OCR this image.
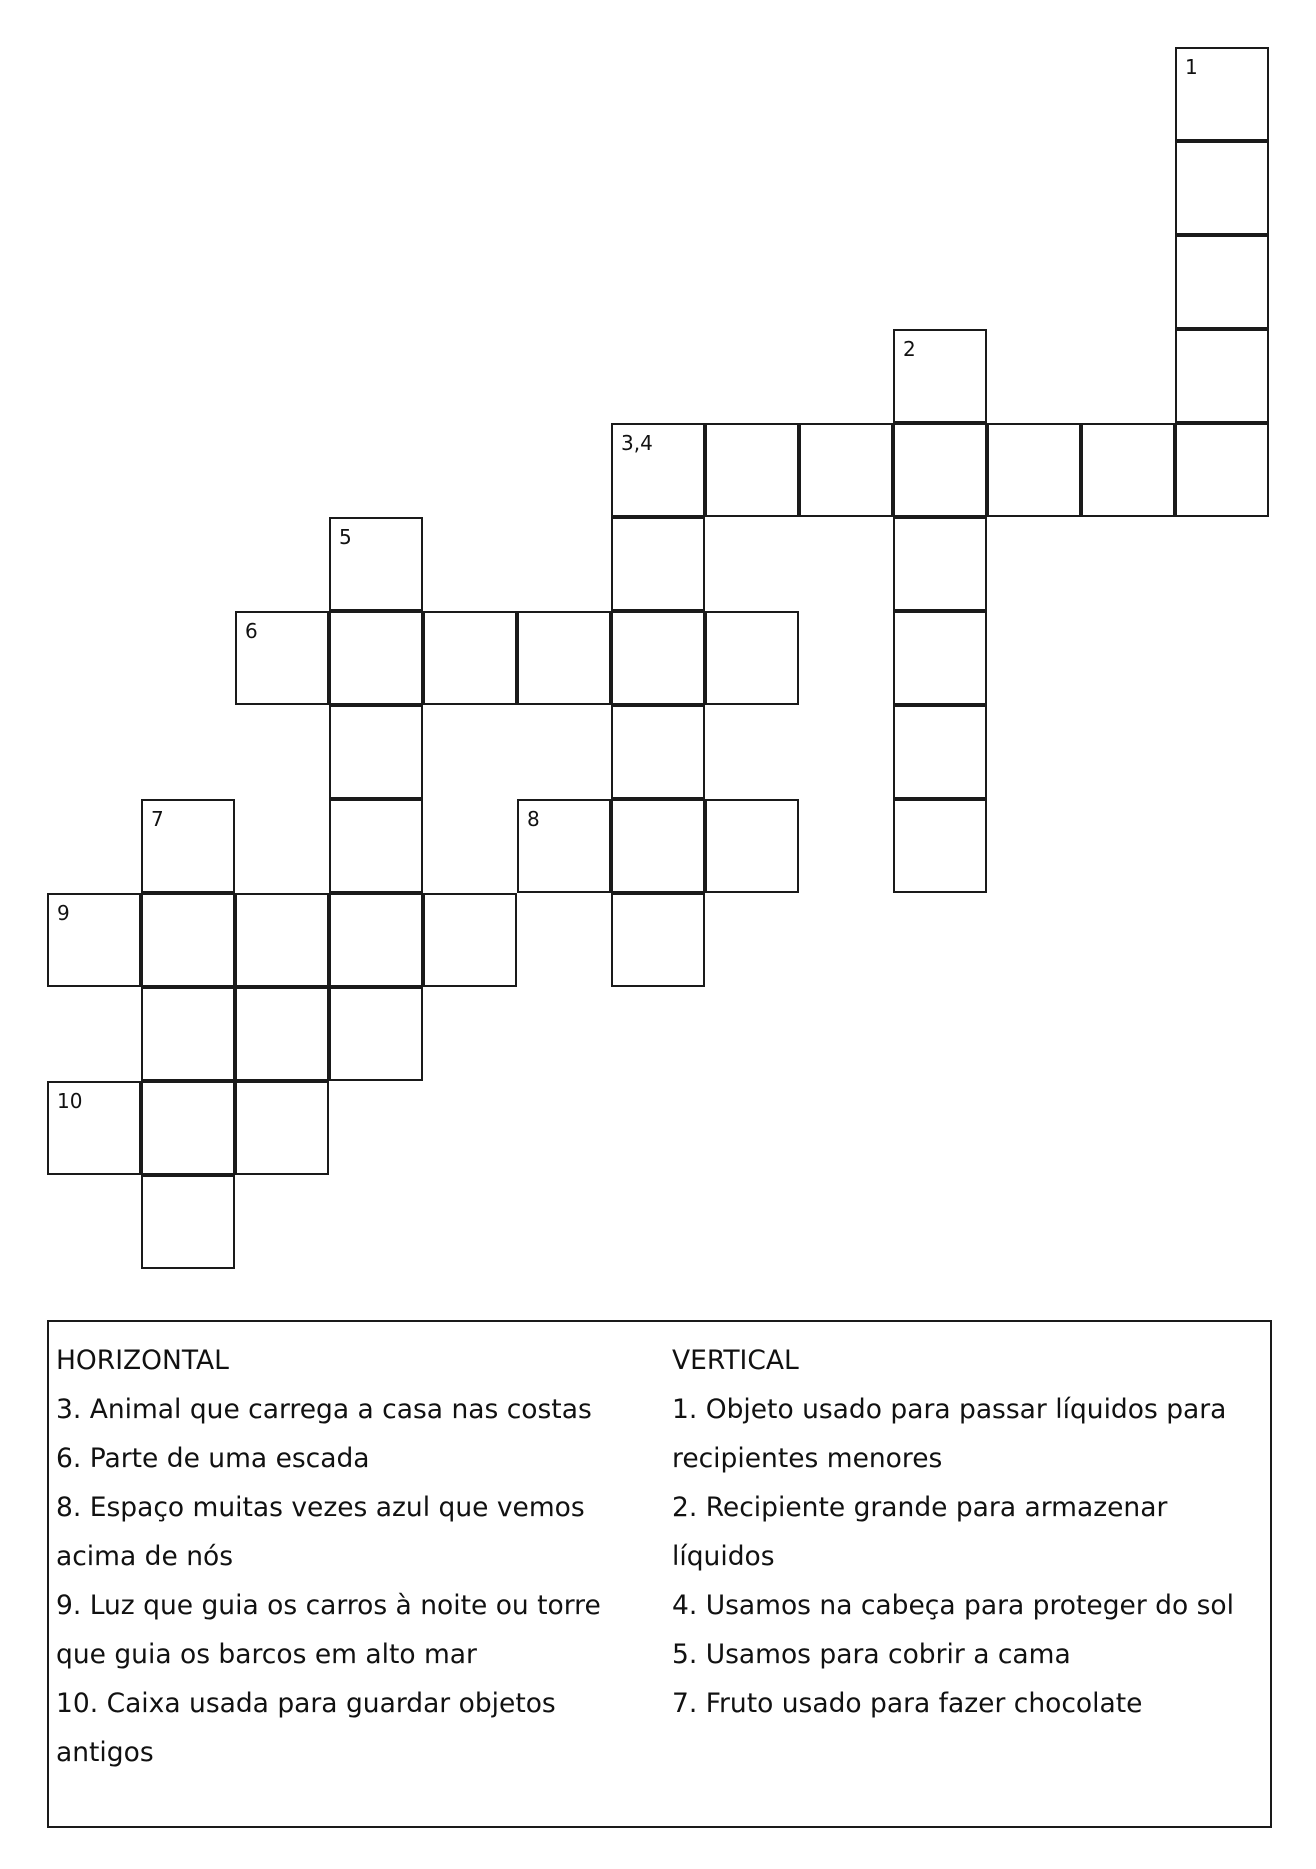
1
2
3,4
5
6
7	8
9
10
HORIZONTAL
3. Animal que carrega a casa nas costas
6. Parte de uma escada
8. Espaço muitas vezes azul que vemos
acima de nós
9. Luz que guia os carros à noite ou torre
que guia os barcos em alto mar
10. Caixa usada para guardar objetos
antigos
VERTICAL
1. Objeto usado para passar líquidos para
recipientes menores
2. Recipiente grande para armazenar
líquidos
4. Usamos na cabeça para proteger do sol
5. Usamos para cobrir a cama
7. Fruto usado para fazer chocolate
